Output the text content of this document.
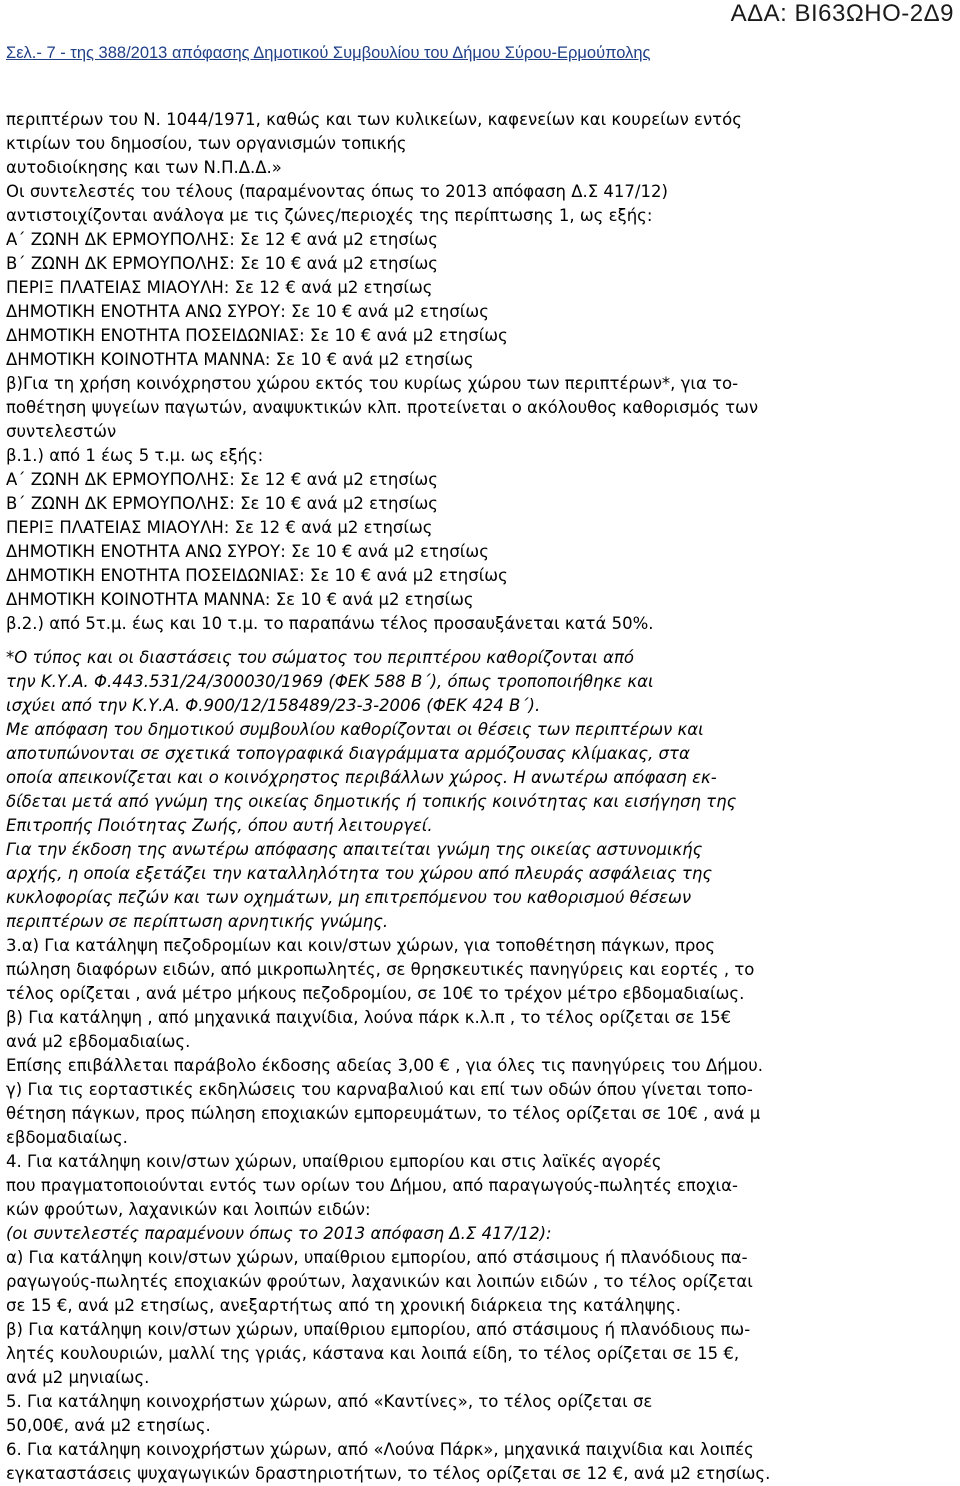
ΑΔΑ: ΒΙ63ΩΗΟ-2Δ9
Σελ.- 7 - της 388/2013 απόφασης Δημοτικού Συμβουλίου του Δήμου Σύρου-Ερμούπολης
περιπτέρων του Ν. 1044/1971, καθώς και των κυλικείων, καφενείων και κουρείων εντός
κτιρίων του δημοσίου, των οργανισμών τοπικής
αυτοδιοίκησης και των Ν.Π.Δ.Δ.»
Οι συντελεστές του τέλους (παραμένοντας όπως το 2013 απόφαση Δ.Σ 417/12)
αντιστοιχίζονται ανάλογα με τις ζώνες/περιοχές της περίπτωσης 1, ως εξής:
Α΄ ΖΩΝΗ ΔΚ ΕΡΜΟΥΠΟΛΗΣ: Σε 12 € ανά μ2 ετησίως
Β΄ ΖΩΝΗ ΔΚ ΕΡΜΟΥΠΟΛΗΣ: Σε 10 € ανά μ2 ετησίως
ΠΕΡΙΞ ΠΛΑΤΕΙΑΣ ΜΙΑΟΥΛΗ: Σε 12 € ανά μ2 ετησίως
ΔΗΜΟΤΙΚΗ ΕΝΟΤΗΤΑ ΑΝΩ ΣΥΡΟΥ: Σε 10 € ανά μ2 ετησίως
ΔΗΜΟΤΙΚΗ ΕΝΟΤΗΤΑ ΠΟΣΕΙΔΩΝΙΑΣ: Σε 10 € ανά μ2 ετησίως
ΔΗΜΟΤΙΚΗ ΚΟΙΝΟΤΗΤΑ ΜΑΝΝΑ: Σε 10 € ανά μ2 ετησίως
β)Για τη χρήση κοινόχρηστου χώρου εκτός του κυρίως χώρου των περιπτέρων*, για το-
ποθέτηση ψυγείων παγωτών, αναψυκτικών κλπ. προτείνεται ο ακόλουθος καθορισμός των
συντελεστών
β.1.) από 1 έως 5 τ.μ. ως εξής:
Α΄ ΖΩΝΗ ΔΚ ΕΡΜΟΥΠΟΛΗΣ: Σε 12 € ανά μ2 ετησίως
Β΄ ΖΩΝΗ ΔΚ ΕΡΜΟΥΠΟΛΗΣ: Σε 10 € ανά μ2 ετησίως
ΠΕΡΙΞ ΠΛΑΤΕΙΑΣ ΜΙΑΟΥΛΗ: Σε 12 € ανά μ2 ετησίως
ΔΗΜΟΤΙΚΗ ΕΝΟΤΗΤΑ ΑΝΩ ΣΥΡΟΥ: Σε 10 € ανά μ2 ετησίως
ΔΗΜΟΤΙΚΗ ΕΝΟΤΗΤΑ ΠΟΣΕΙΔΩΝΙΑΣ: Σε 10 € ανά μ2 ετησίως
ΔΗΜΟΤΙΚΗ ΚΟΙΝΟΤΗΤΑ ΜΑΝΝΑ: Σε 10 € ανά μ2 ετησίως
β.2.) από 5τ.μ. έως και 10 τ.μ. το παραπάνω τέλος προσαυξάνεται κατά 50%.
*Ο τύπος και οι διαστάσεις του σώματος του περιπτέρου καθορίζονται από
την Κ.Υ.Α. Φ.443.531/24/300030/1969 (ΦΕΚ 588 Β΄), όπως τροποποιήθηκε και
ισχύει από την Κ.Υ.Α. Φ.900/12/158489/23-3-2006 (ΦΕΚ 424 Β΄).
Με απόφαση του δημοτικού συμβουλίου καθορίζονται οι θέσεις των περιπτέρων και
αποτυπώνονται σε σχετικά τοπογραφικά διαγράμματα αρμόζουσας κλίμακας, στα
οποία απεικονίζεται και ο κοινόχρηστος περιβάλλων χώρος. Η ανωτέρω απόφαση εκ-
δίδεται μετά από γνώμη της οικείας δημοτικής ή τοπικής κοινότητας και εισήγηση της
Επιτροπής Ποιότητας Ζωής, όπου αυτή λειτουργεί.
Για την έκδοση της ανωτέρω απόφασης απαιτείται γνώμη της οικείας αστυνομικής
αρχής, η οποία εξετάζει την καταλληλότητα του χώρου από πλευράς ασφάλειας της
κυκλοφορίας πεζών και των οχημάτων, μη επιτρεπόμενου του καθορισμού θέσεων
περιπτέρων σε περίπτωση αρνητικής γνώμης.
3.α) Για κατάληψη πεζοδρομίων και κοιν/στων χώρων, για τοποθέτηση πάγκων, προς
πώληση διαφόρων ειδών, από μικροπωλητές, σε θρησκευτικές πανηγύρεις και εορτές , το
τέλος ορίζεται , ανά μέτρο μήκους πεζοδρομίου, σε 10€ το τρέχον μέτρο εβδομαδιαίως.
β) Για κατάληψη , από μηχανικά παιχνίδια, λούνα πάρκ κ.λ.π , το τέλος ορίζεται σε 15€
ανά μ2 εβδομαδιαίως.
Επίσης επιβάλλεται παράβολο έκδοσης αδείας 3,00 € , για όλες τις πανηγύρεις του Δήμου.
γ) Για τις εορταστικές εκδηλώσεις του καρναβαλιού και επί των οδών όπου γίνεται τοπο-
θέτηση πάγκων, προς πώληση εποχιακών εμπορευμάτων, το τέλος ορίζεται σε 10€ , ανά μ
εβδομαδιαίως.
4. Για κατάληψη κοιν/στων χώρων, υπαίθριου εμπορίου και στις λαϊκές αγορές
που πραγματοποιούνται εντός των ορίων του Δήμου, από παραγωγούς-πωλητές εποχια-
κών φρούτων, λαχανικών και λοιπών ειδών:
(οι συντελεστές παραμένουν όπως το 2013 απόφαση Δ.Σ 417/12):
α) Για κατάληψη κοιν/στων χώρων, υπαίθριου εμπορίου, από στάσιμους ή πλανόδιους πα-
ραγωγούς-πωλητές εποχιακών φρούτων, λαχανικών και λοιπών ειδών , το τέλος ορίζεται
σε 15 €, ανά μ2 ετησίως, ανεξαρτήτως από τη χρονική διάρκεια της κατάληψης.
β) Για κατάληψη κοιν/στων χώρων, υπαίθριου εμπορίου, από στάσιμους ή πλανόδιους πω-
λητές κουλουριών, μαλλί της γριάς, κάστανα και λοιπά είδη, το τέλος ορίζεται σε 15 €,
ανά μ2 μηνιαίως.
5. Για κατάληψη κοινοχρήστων χώρων, από «Καντίνες», το τέλος ορίζεται σε
50,00€, ανά μ2 ετησίως.
6. Για κατάληψη κοινοχρήστων χώρων, από «Λούνα Πάρκ», μηχανικά παιχνίδια και λοιπές
εγκαταστάσεις ψυχαγωγικών δραστηριοτήτων, το τέλος ορίζεται σε 12 €, ανά μ2 ετησίως.
